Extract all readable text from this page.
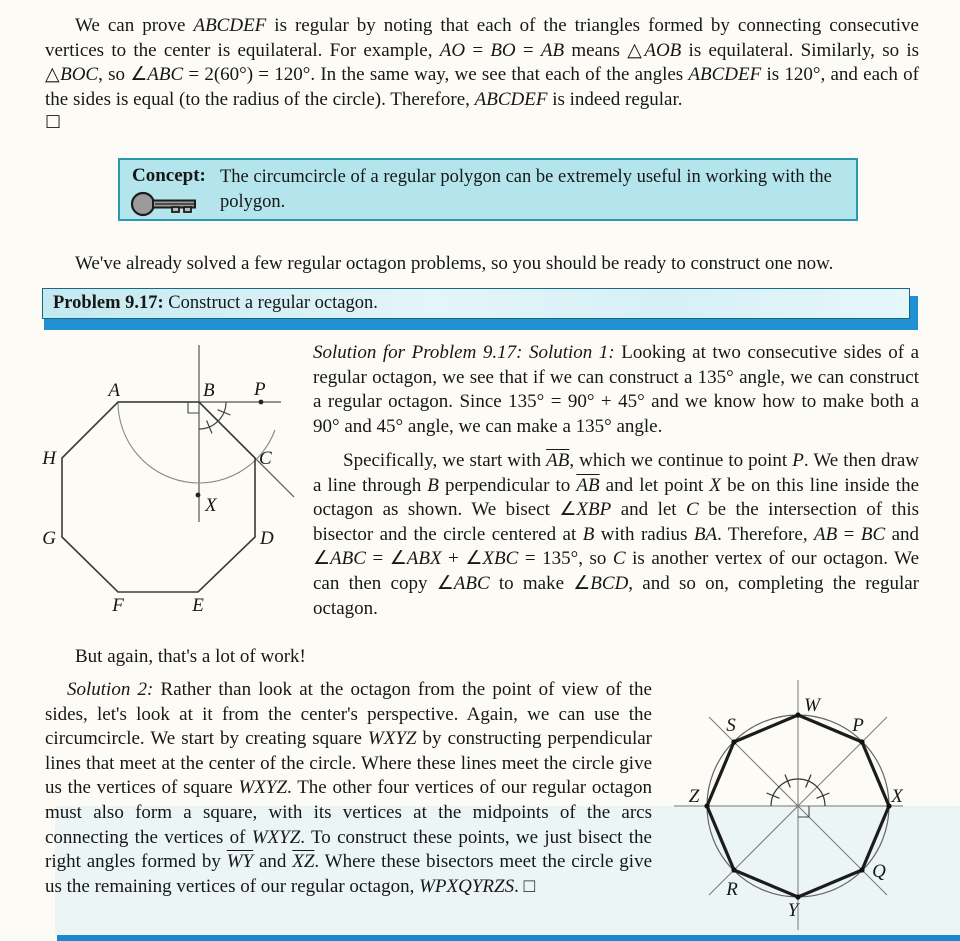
We can prove ABCDEF is regular by noting that each of the triangles formed by connecting consecutive vertices to the center is equilateral. For example, AO = BO = AB means △AOB is equilateral. Similarly, so is △BOC, so ∠ABC = 2(60°) = 120°. In the same way, we see that each of the angles ABCDEF is 120°, and each of the sides is equal (to the radius of the circle). Therefore, ABCDEF is indeed regular.
□
Concept: The circumcircle of a regular polygon can be extremely useful in working with the polygon.
We've already solved a few regular octagon problems, so you should be ready to construct one now.
Problem 9.17: Construct a regular octagon.
A	B P
H	C
X
G	D
F	E
Solution for Problem 9.17: Solution 1: Looking at two consecutive sides of a regular octagon, we see that if we can construct a 135° angle, we can construct a regular octagon. Since 135° = 90° + 45° and we know how to make both a 90° and 45° angle, we can make a 135° angle.
Specifically, we start with $\overline{AB}$, which we continue to point P. We then draw a line through B perpendicular to $\overline{AB}$ and let point X be on this line inside the octagon as shown. We bisect ∠XBP and let C be the intersection of this bisector and the circle centered at B with radius BA. Therefore, AB = BC and ∠ABC = ∠ABX + ∠XBC = 135°, so C is another vertex of our octagon. We can then copy ∠ABC to make ∠BCD, and so on, completing the regular octagon.
But again, that's a lot of work!
Solution 2: Rather than look at the octagon from the point of view of the sides, let's look at it from the center's perspective. Again, we can use the circumcircle. We start by creating square WXYZ by constructing perpendicular lines that meet at the center of the circle. Where these lines meet the circle give us the vertices of square WXYZ. The other four vertices of our regular octagon must also form a square, with its vertices at the midpoints of the arcs connecting the vertices of WXYZ. To construct these points, we just bisect the right angles formed by $\overline{WY}$ and $\overline{XZ}$. Where these bisectors meet the circle give us the remaining vertices of our regular octagon, WPXQYRZS. □
W
S	P
Z	X
Q
R
Y
